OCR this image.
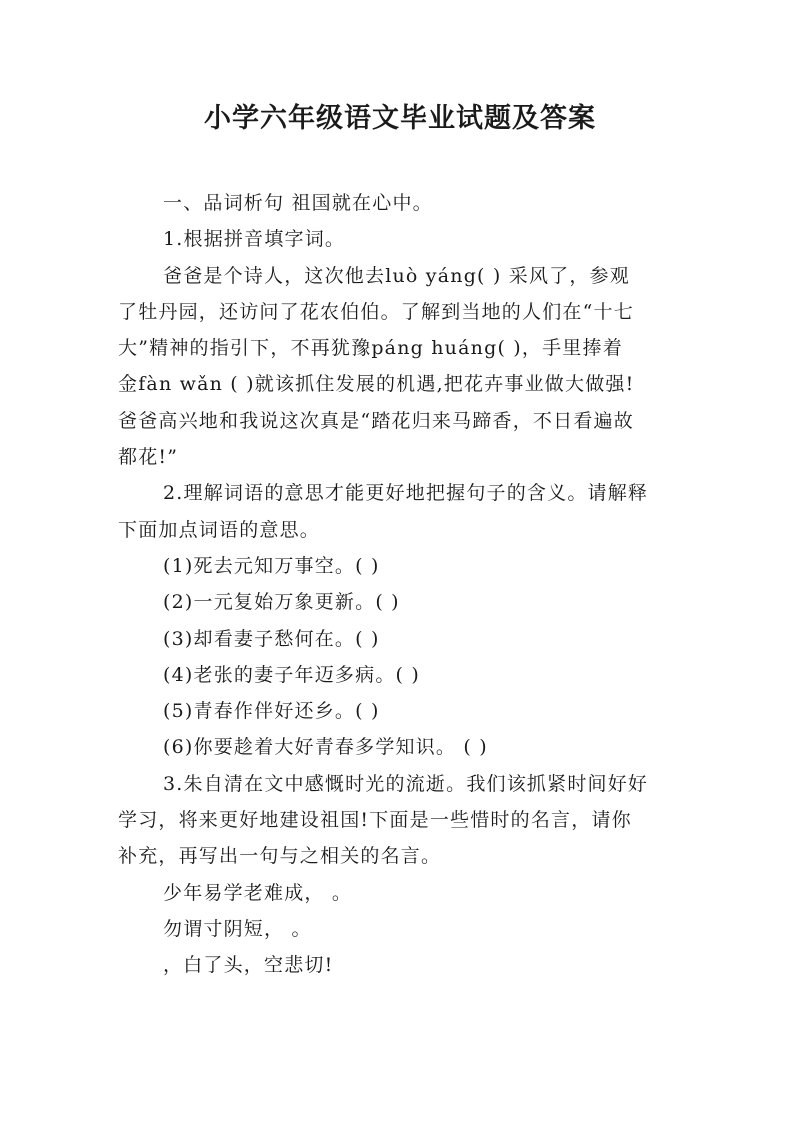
小学六年级语文毕业试题及答案

一、品词析句 祖国就在心中。

1.根据拼音填字词。

爸爸是个诗人，这次他去luò yáng( ) 采风了，参观

了牡丹园，还访问了花农伯伯。了解到当地的人们在“十七

大”精神的指引下，不再犹豫páng huáng( )，手里捧着

金fàn wǎn ( )就该抓住发展的机遇,把花卉事业做大做强!

爸爸高兴地和我说这次真是“踏花归来马蹄香，不日看遍故

都花!”

2.理解词语的意思才能更好地把握句子的含义。请解释

下面加点词语的意思。

(1)死去元知万事空。( )

(2)一元复始万象更新。( )

(3)却看妻子愁何在。( )

(4)老张的妻子年迈多病。( )

(5)青春作伴好还乡。( )

(6)你要趁着大好青春多学知识。 ( )

3.朱自清在文中感慨时光的流逝。我们该抓紧时间好好

学习，将来更好地建设祖国!下面是一些惜时的名言，请你

补充，再写出一句与之相关的名言。

少年易学老难成， 。

勿谓寸阴短， 。

，白了头，空悲切!
